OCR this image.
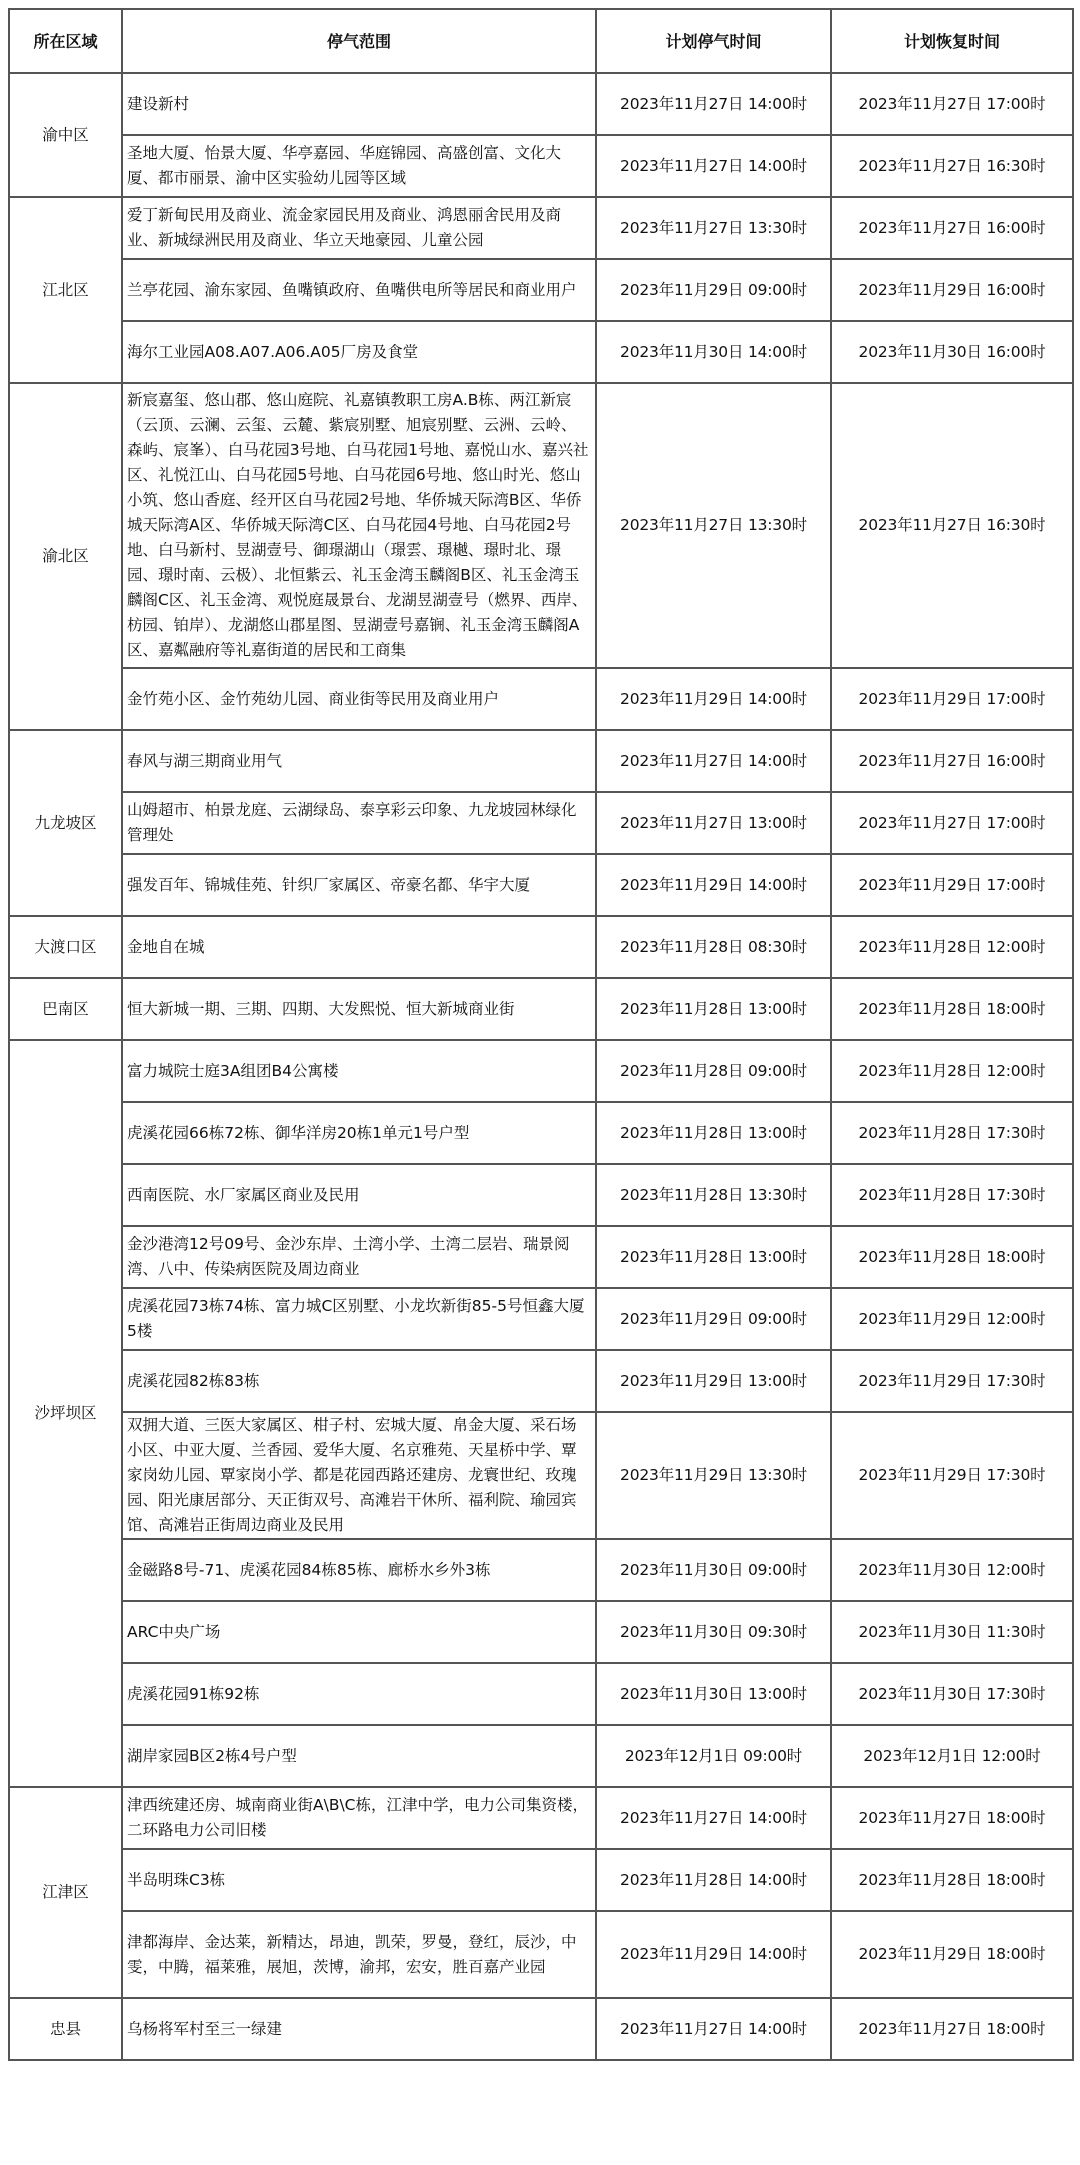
所在区域	停气范围	计划停气时间	计划恢复时间
渝中区	建设新村	2023年11月27日 14:00时	2023年11月27日 17:00时
	圣地大厦、怡景大厦、华亭嘉园、华庭锦园、高盛创富、文化大厦、都市丽景、渝中区实验幼儿园等区域	2023年11月27日 14:00时	2023年11月27日 16:30时
江北区	爱丁新甸民用及商业、流金家园民用及商业、鸿恩丽舍民用及商业、新城绿洲民用及商业、华立天地豪园、儿童公园	2023年11月27日 13:30时	2023年11月27日 16:00时
	兰亭花园、渝东家园、鱼嘴镇政府、鱼嘴供电所等居民和商业用户	2023年11月29日 09:00时	2023年11月29日 16:00时
	海尔工业园A08.A07.A06.A05厂房及食堂	2023年11月30日 14:00时	2023年11月30日 16:00时
渝北区	新宸嘉玺、悠山郡、悠山庭院、礼嘉镇教职工房A.B栋、两江新宸（云顶、云澜、云玺、云麓、紫宸别墅、旭宸别墅、云洲、云岭、森屿、宸峯）、白马花园3号地、白马花园1号地、嘉悦山水、嘉兴社区、礼悦江山、白马花园5号地、白马花园6号地、悠山时光、悠山小筑、悠山香庭、经开区白马花园2号地、华侨城天际湾B区、华侨城天际湾A区、华侨城天际湾C区、白马花园4号地、白马花园2号地、白马新村、昱湖壹号、御璟湖山（璟雲、璟樾、璟时北、璟园、璟时南、云极）、北恒紫云、礼玉金湾玉麟阁B区、礼玉金湾玉麟阁C区、礼玉金湾、观悦庭晟景台、龙湖昱湖壹号（燃界、西岸、枋园、铂岸）、龙湖悠山郡星图、昱湖壹号嘉锎、礼玉金湾玉麟阁A区、嘉粼融府等礼嘉街道的居民和工商集	2023年11月27日 13:30时	2023年11月27日 16:30时
	金竹苑小区、金竹苑幼儿园、商业街等民用及商业用户	2023年11月29日 14:00时	2023年11月29日 17:00时
九龙坡区	春风与湖三期商业用气	2023年11月27日 14:00时	2023年11月27日 16:00时
	山姆超市、柏景龙庭、云湖绿岛、泰享彩云印象、九龙坡园林绿化管理处	2023年11月27日 13:00时	2023年11月27日 17:00时
	强发百年、锦城佳苑、针织厂家属区、帝豪名都、华宇大厦	2023年11月29日 14:00时	2023年11月29日 17:00时
大渡口区	金地自在城	2023年11月28日 08:30时	2023年11月28日 12:00时
巴南区	恒大新城一期、三期、四期、大发熙悦、恒大新城商业街	2023年11月28日 13:00时	2023年11月28日 18:00时
沙坪坝区	富力城院士庭3A组团B4公寓楼	2023年11月28日 09:00时	2023年11月28日 12:00时
	虎溪花园66栋72栋、御华洋房20栋1单元1号户型	2023年11月28日 13:00时	2023年11月28日 17:30时
	西南医院、水厂家属区商业及民用	2023年11月28日 13:30时	2023年11月28日 17:30时
	金沙港湾12号09号、金沙东岸、土湾小学、土湾二层岩、瑞景阅湾、八中、传染病医院及周边商业	2023年11月28日 13:00时	2023年11月28日 18:00时
	虎溪花园73栋74栋、富力城C区别墅、小龙坎新街85-5号恒鑫大厦5楼	2023年11月29日 09:00时	2023年11月29日 12:00时
	虎溪花园82栋83栋	2023年11月29日 13:00时	2023年11月29日 17:30时
	双拥大道、三医大家属区、柑子村、宏城大厦、帛金大厦、采石场小区、中亚大厦、兰香园、爱华大厦、名京雅苑、天星桥中学、覃家岗幼儿园、覃家岗小学、都是花园西路还建房、龙寰世纪、玫瑰园、阳光康居部分、天正街双号、高滩岩干休所、福利院、瑜园宾馆、高滩岩正街周边商业及民用	2023年11月29日 13:30时	2023年11月29日 17:30时
	金磁路8号-71、虎溪花园84栋85栋、廊桥水乡外3栋	2023年11月30日 09:00时	2023年11月30日 12:00时
	ARC中央广场	2023年11月30日 09:30时	2023年11月30日 11:30时
	虎溪花园91栋92栋	2023年11月30日 13:00时	2023年11月30日 17:30时
	湖岸家园B区2栋4号户型	2023年12月1日 09:00时	2023年12月1日 12:00时
江津区	津西统建还房、城南商业街A\B\C栋，江津中学，电力公司集资楼，二环路电力公司旧楼	2023年11月27日 14:00时	2023年11月27日 18:00时
	半岛明珠C3栋	2023年11月28日 14:00时	2023年11月28日 18:00时
	津都海岸、金达莱，新精达，昂迪，凯荣，罗曼，登红，辰沙，中雯，中腾，福莱雅，展旭，茨博，渝邦，宏安，胜百嘉产业园	2023年11月29日 14:00时	2023年11月29日 18:00时
忠县	乌杨将军村至三一绿建	2023年11月27日 14:00时	2023年11月27日 18:00时
